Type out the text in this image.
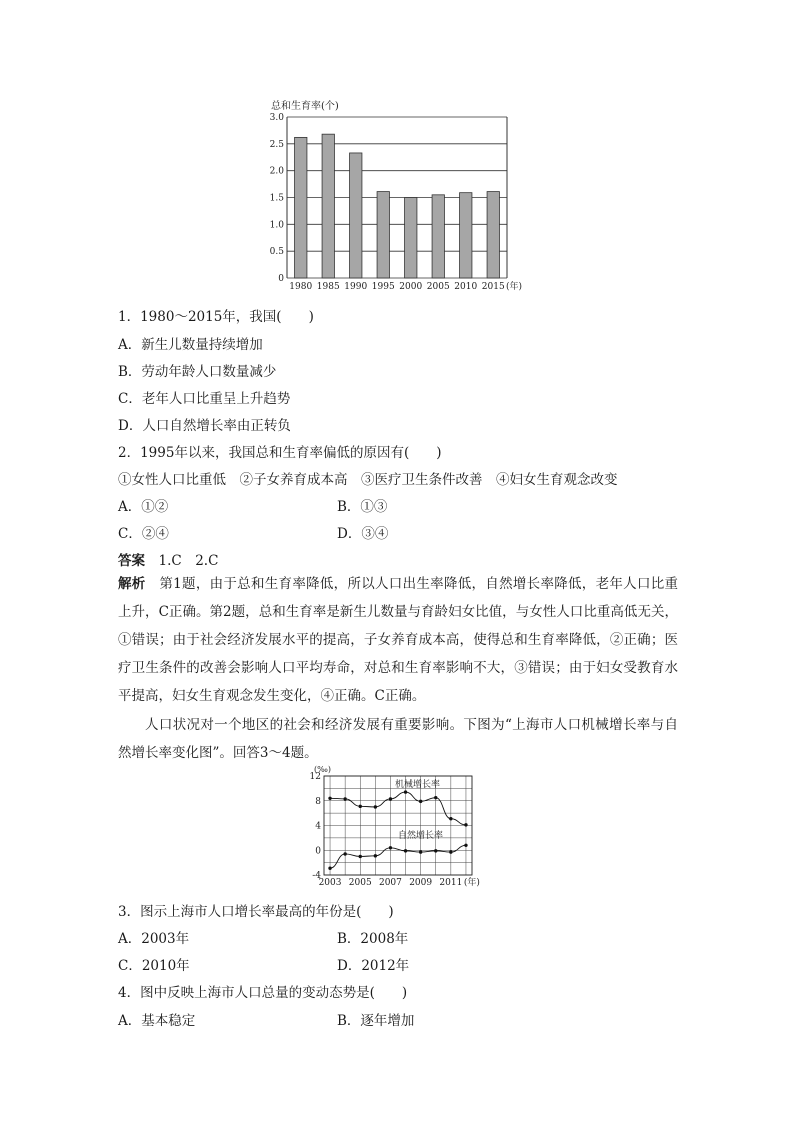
总和生育率(个)
0
0.5
1.0
1.5
2.0
2.5
3.0
1980 1985 1990 1995 2000 2005 2010 2015 (年)
1．1980～2015年，我国(　　)
A．新生儿数量持续增加
B．劳动年龄人口数量减少
C．老年人口比重呈上升趋势
D．人口自然增长率由正转负
2．1995年以来，我国总和生育率偏低的原因有(　　)
①女性人口比重低　②子女养育成本高　③医疗卫生条件改善　④妇女生育观念改变
A．①②	B．①③
C．②④	D．③④
答案　 1.C　2.C
解析　 第1题，由于总和生育率降低，所以人口出生率降低，自然增长率降低，老年人口比重上升，C正确。第2题，总和生育率是新生儿数量与育龄妇女比值，与女性人口比重高低无关，①错误；由于社会经济发展水平的提高，子女养育成本高，使得总和生育率降低，②正确；医疗卫生条件的改善会影响人口平均寿命，对总和生育率影响不大，③错误；由于妇女受教育水平提高，妇女生育观念发生变化，④正确。C正确。
人口状况对一个地区的社会和经济发展有重要影响。下图为“上海市人口机械增长率与自然增长率变化图”。回答3～4题。
(‰)
-4
0
4
8
12
2003 2005 2007 2009 2011 (年)
机械增长率
自然增长率
3．图示上海市人口增长率最高的年份是(　　)
A．2003年	B．2008年
C．2010年	D．2012年
4．图中反映上海市人口总量的变动态势是(　　)
A．基本稳定	B．逐年增加
